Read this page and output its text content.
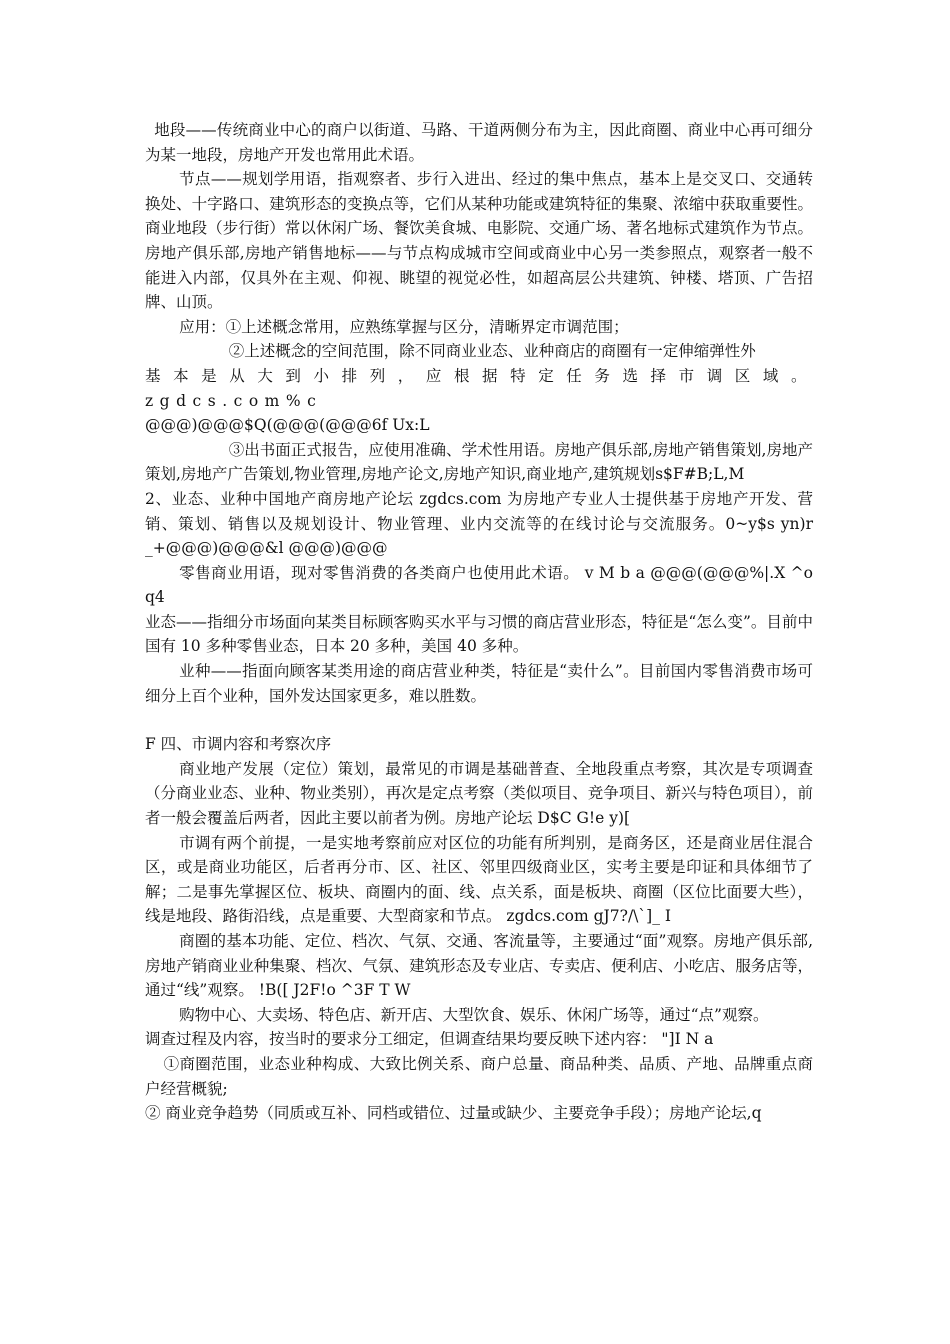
地段——传统商业中心的商户以街道、马路、干道两侧分布为主，因此商圈、商业中心再可细分为某一地段，房地产开发也常用此术语。

节点——规划学用语，指观察者、步行入进出、经过的集中焦点，基本上是交叉口、交通转换处、十字路口、建筑形态的变换点等，它们从某种功能或建筑特征的集聚、浓缩中获取重要性。商业地段（步行街）常以休闲广场、餐饮美食城、电影院、交通广场、著名地标式建筑作为节点。房地产俱乐部,房地产销售地标——与节点构成城市空间或商业中心另一类参照点，观察者一般不能进入内部，仅具外在主观、仰视、眺望的视觉必性，如超高层公共建筑、钟楼、塔顶、广告招牌、山顶。

应用：①上述概念常用，应熟练掌握与区分，清晰界定市调范围；

②上述概念的空间范围，除不同商业业态、业种商店的商圈有一定伸缩弹性外

基本是从大到小排列，应根据特定任务选择市调区域。 zgdcs.com%c

@@@)@@@$Q(@@@(@@@6f Ux:L

③出书面正式报告，应使用准确、学术性用语。房地产俱乐部,房地产销售策划,房地产策划,房地产广告策划,物业管理,房地产论文,房地产知识,商业地产,建筑规划s$F#B;L,M

2、业态、业种中国地产商房地产论坛 zgdcs.com 为房地产专业人士提供基于房地产开发、营销、策划、销售以及规划设计、物业管理、业内交流等的在线讨论与交流服务。0~y$s yn)r _+@@@)@@@&l @@@)@@@

零售商业用语，现对零售消费的各类商户也使用此术语。 v M b a @@@(@@@%|.X ^o q4

业态——指细分市场面向某类目标顾客购买水平与习惯的商店营业形态，特征是“怎么变”。目前中国有 10 多种零售业态，日本 20 多种，美国 40 多种。

业种——指面向顾客某类用途的商店营业种类，特征是“卖什么”。目前国内零售消费市场可细分上百个业种，国外发达国家更多，难以胜数。

F 四、市调内容和考察次序

商业地产发展（定位）策划，最常见的市调是基础普查、全地段重点考察，其次是专项调查（分商业业态、业种、物业类别），再次是定点考察（类似项目、竞争项目、新兴与特色项目），前者一般会覆盖后两者，因此主要以前者为例。房地产论坛 D$C G!e y)[

市调有两个前提，一是实地考察前应对区位的功能有所判别，是商务区，还是商业居住混合区，或是商业功能区，后者再分市、区、社区、邻里四级商业区，实考主要是印证和具体细节了解；二是事先掌握区位、板块、商圈内的面、线、点关系，面是板块、商圈（区位比面要大些），线是地段、路街沿线，点是重要、大型商家和节点。 zgdcs.com gJ7?/\`]_ I

商圈的基本功能、定位、档次、气氛、交通、客流量等，主要通过“面”观察。房地产俱乐部,房地产销商业业种集聚、档次、气氛、建筑形态及专业店、专卖店、便利店、小吃店、服务店等，通过“线”观察。 !B([ J2F!o ^3F T W

购物中心、大卖场、特色店、新开店、大型饮食、娱乐、休闲广场等，通过“点”观察。

调查过程及内容，按当时的要求分工细定，但调查结果均要反映下述内容： "]I N a

①商圈范围，业态业种构成、大致比例关系、商户总量、商品种类、品质、产地、品牌重点商户经营概貌;

② 商业竞争趋势（同质或互补、同档或错位、过量或缺少、主要竞争手段）；房地产论坛,q
